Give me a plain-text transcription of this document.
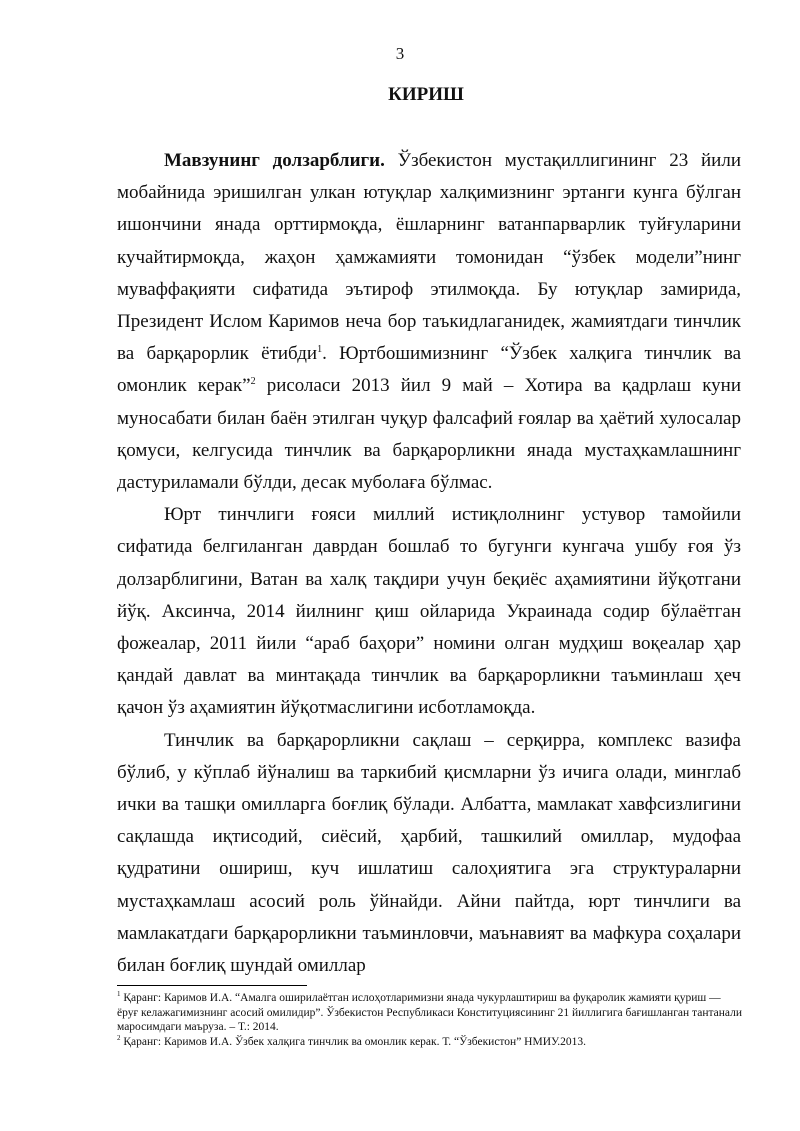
3
КИРИШ

Мавзунинг долзарблиги. Ўзбекистон мустақиллигининг 23 йили мобайнида эришилган улкан ютуқлар халқимизнинг эртанги кунга бўлган ишончини янада орттирмоқда, ёшларнинг ватанпарварлик туйғуларини кучайтирмоқда, жаҳон ҳамжамияти томонидан “ўзбек модели”нинг муваффақияти сифатида эътироф этилмоқда. Бу ютуқлар замирида, Президент Ислом Каримов неча бор таъкидлаганидек, жамиятдаги тинчлик ва барқарорлик ётибди$^1$. Юртбошимизнинг “Ўзбек халқига тинчлик ва омонлик керак”$^2$ рисоласи 2013 йил 9 май – Хотира ва қадрлаш куни муносабати билан баён этилган чуқур фалсафий ғоялар ва ҳаётий хулосалар қомуси, келгусида тинчлик ва барқарорликни янада мустаҳкамлашнинг дастуриламали бўлди, десак муболаға бўлмас.

Юрт тинчлиги ғояси миллий истиқлолнинг устувор тамойили сифатида белгиланган даврдан бошлаб то бугунги кунгача ушбу ғоя ўз долзарблигини, Ватан ва халқ тақдири учун беқиёс аҳамиятини йўқотгани йўқ. Аксинча, 2014 йилнинг қиш ойларида Украинада содир бўлаётган фожеалар, 2011 йили “араб баҳори” номини олган мудҳиш воқеалар ҳар қандай давлат ва минтақада тинчлик ва барқарорликни таъминлаш ҳеч қачон ўз аҳамиятин йўқотмаслигини исботламоқда.

Тинчлик ва барқарорликни сақлаш – серқирра, комплекс вазифа бўлиб, у кўплаб йўналиш ва таркибий қисмларни ўз ичига олади, минглаб ички ва ташқи омилларга боғлиқ бўлади. Албатта, мамлакат хавфсизлигини сақлашда иқтисодий, сиёсий, ҳарбий, ташкилий омиллар, мудофаа қудратини ошириш, куч ишлатиш салоҳиятига эга структураларни мустаҳкамлаш асосий роль ўйнайди. Айни пайтда, юрт тинчлиги ва мамлакатдаги барқарорликни таъминловчи, маънавият ва мафкура соҳалари билан боғлиқ шундай омиллар

$^1$ Қаранг: Каримов И.А. “Амалга оширилаётган ислоҳотларимизни янада чукурлаштириш ва фуқаролик жамияти қуриш — ёруғ келажагимизнинг асосий омилидир”. Ўзбекистон Республикаси Конституциясининг 21 йиллигига бағишланган тантанали маросимдаги маъруза. – Т.: 2014.

$^2$ Қаранг: Каримов И.А. Ўзбек халқига тинчлик ва омонлик керак. Т. “Ўзбекистон” НМИУ.2013.
